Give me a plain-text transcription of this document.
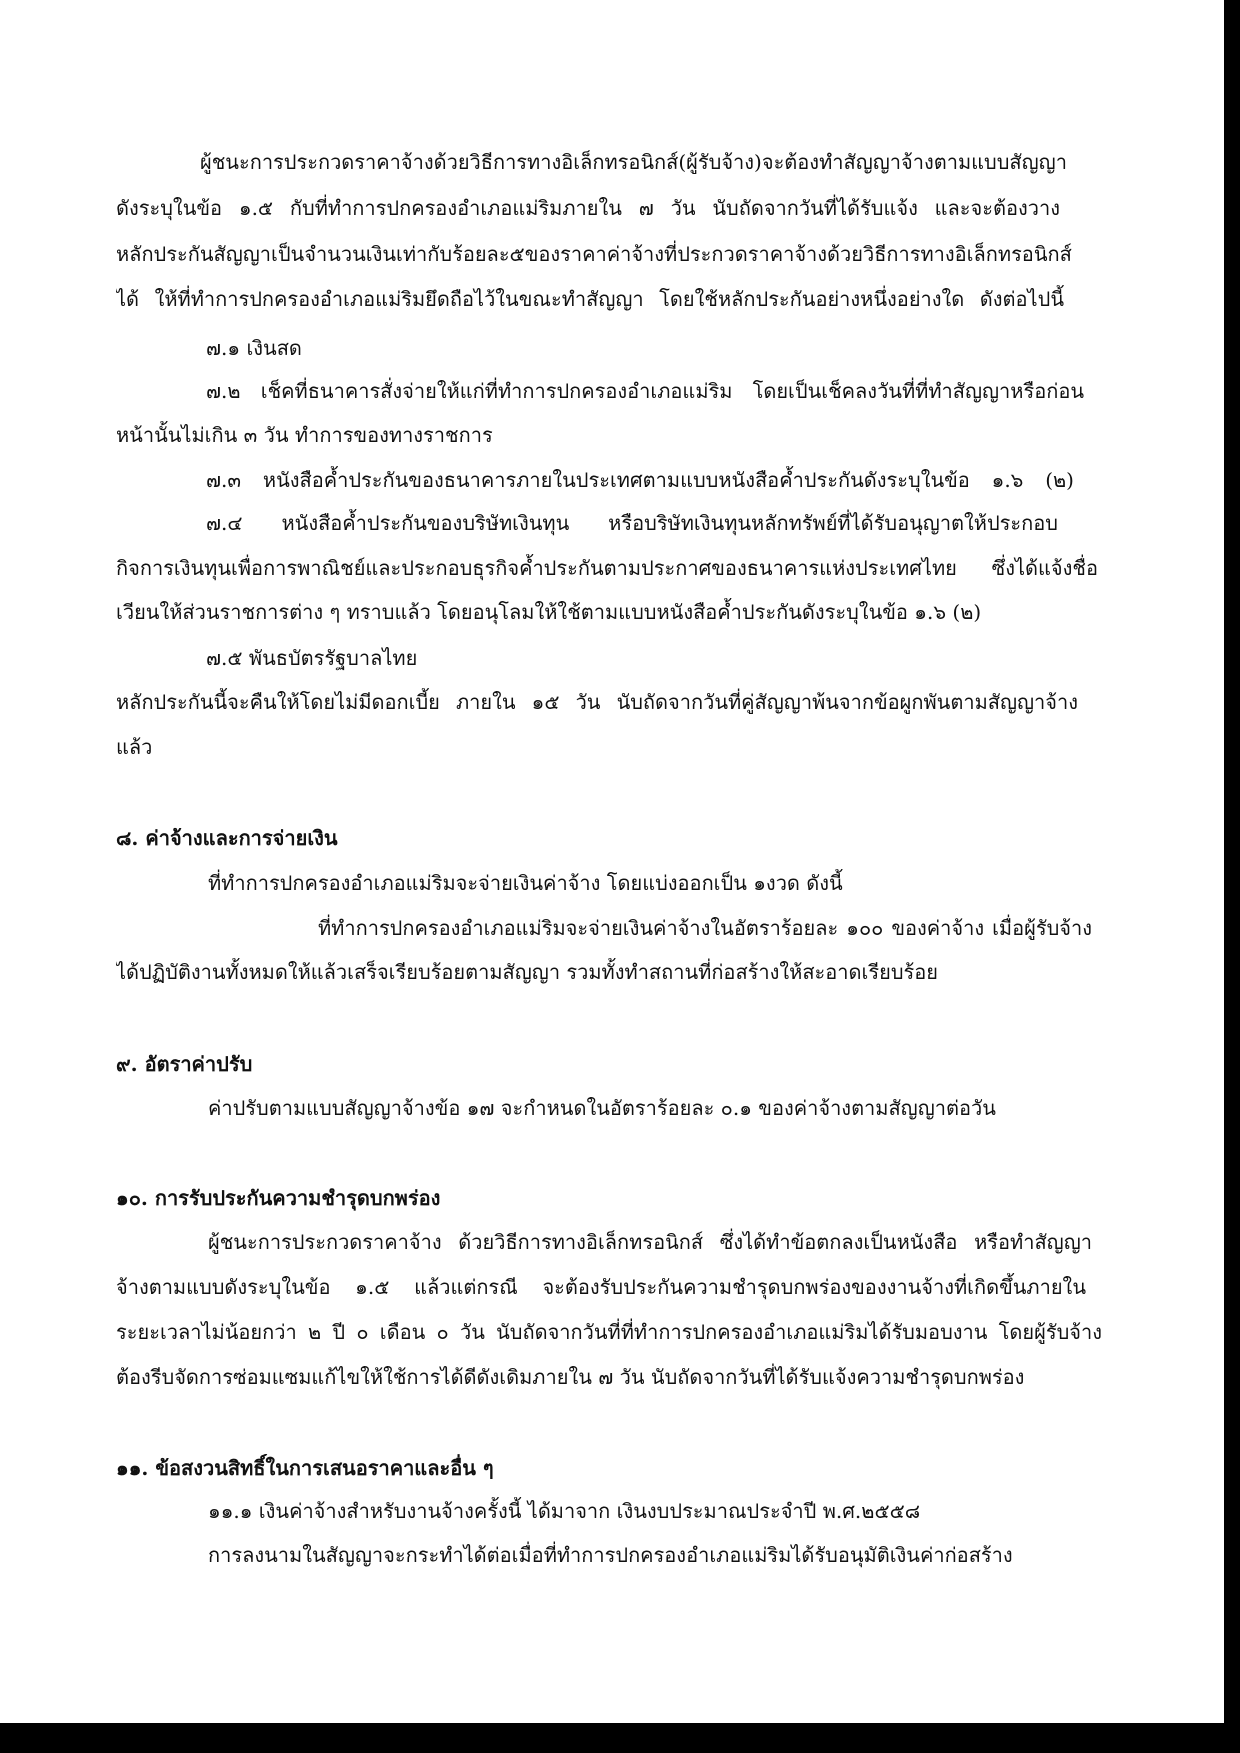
ผู้ชนะการประกวดราคาจ้างด้วยวิธีการทางอิเล็กทรอนิกส์(ผู้รับจ้าง)จะต้องทำสัญญาจ้างตามแบบสัญญา
ดังระบุในข้อ ๑.๕ กับที่ทำการปกครองอำเภอแม่ริมภายใน ๗ วัน นับถัดจากวันที่ได้รับแจ้ง และจะต้องวาง
หลักประกันสัญญาเป็นจำนวนเงินเท่ากับร้อยละ๕ของราคาค่าจ้างที่ประกวดราคาจ้างด้วยวิธีการทางอิเล็กทรอนิกส์
ได้ ให้ที่ทำการปกครองอำเภอแม่ริมยึดถือไว้ในขณะทำสัญญา โดยใช้หลักประกันอย่างหนึ่งอย่างใด ดังต่อไปนี้
๗.๑ เงินสด
๗.๒ เช็คที่ธนาคารสั่งจ่ายให้แก่ที่ทำการปกครองอำเภอแม่ริม โดยเป็นเช็คลงวันที่ที่ทำสัญญาหรือก่อน
หน้านั้นไม่เกิน ๓ วัน ทำการของทางราชการ
๗.๓ หนังสือค้ำประกันของธนาคารภายในประเทศตามแบบหนังสือค้ำประกันดังระบุในข้อ ๑.๖ (๒)
๗.๔ หนังสือค้ำประกันของบริษัทเงินทุน หรือบริษัทเงินทุนหลักทรัพย์ที่ได้รับอนุญาตให้ประกอบ
กิจการเงินทุนเพื่อการพาณิชย์และประกอบธุรกิจค้ำประกันตามประกาศของธนาคารแห่งประเทศไทย ซึ่งได้แจ้งชื่อ
เวียนให้ส่วนราชการต่าง ๆ ทราบแล้ว โดยอนุโลมให้ใช้ตามแบบหนังสือค้ำประกันดังระบุในข้อ ๑.๖ (๒)
๗.๕ พันธบัตรรัฐบาลไทย
หลักประกันนี้จะคืนให้โดยไม่มีดอกเบี้ย ภายใน ๑๕ วัน นับถัดจากวันที่คู่สัญญาพ้นจากข้อผูกพันตามสัญญาจ้าง
แล้ว
๘. ค่าจ้างและการจ่ายเงิน
ที่ทำการปกครองอำเภอแม่ริมจะจ่ายเงินค่าจ้าง โดยแบ่งออกเป็น ๑งวด ดังนี้
ที่ทำการปกครองอำเภอแม่ริมจะจ่ายเงินค่าจ้างในอัตราร้อยละ ๑๐๐ ของค่าจ้าง เมื่อผู้รับจ้าง
ได้ปฏิบัติงานทั้งหมดให้แล้วเสร็จเรียบร้อยตามสัญญา รวมทั้งทำสถานที่ก่อสร้างให้สะอาดเรียบร้อย
๙. อัตราค่าปรับ
ค่าปรับตามแบบสัญญาจ้างข้อ ๑๗ จะกำหนดในอัตราร้อยละ ๐.๑ ของค่าจ้างตามสัญญาต่อวัน
๑๐. การรับประกันความชำรุดบกพร่อง
ผู้ชนะการประกวดราคาจ้าง ด้วยวิธีการทางอิเล็กทรอนิกส์ ซึ่งได้ทำข้อตกลงเป็นหนังสือ หรือทำสัญญา
จ้างตามแบบดังระบุในข้อ ๑.๕ แล้วแต่กรณี จะต้องรับประกันความชำรุดบกพร่องของงานจ้างที่เกิดขึ้นภายใน
ระยะเวลาไม่น้อยกว่า ๒ ปี ๐ เดือน ๐ วัน นับถัดจากวันที่ที่ทำการปกครองอำเภอแม่ริมได้รับมอบงาน โดยผู้รับจ้าง
ต้องรีบจัดการซ่อมแซมแก้ไขให้ใช้การได้ดีดังเดิมภายใน ๗ วัน นับถัดจากวันที่ได้รับแจ้งความชำรุดบกพร่อง
๑๑. ข้อสงวนสิทธิ์ในการเสนอราคาและอื่น ๆ
๑๑.๑ เงินค่าจ้างสำหรับงานจ้างครั้งนี้ ได้มาจาก เงินงบประมาณประจำปี พ.ศ.๒๕๕๘
การลงนามในสัญญาจะกระทำได้ต่อเมื่อที่ทำการปกครองอำเภอแม่ริมได้รับอนุมัติเงินค่าก่อสร้าง
